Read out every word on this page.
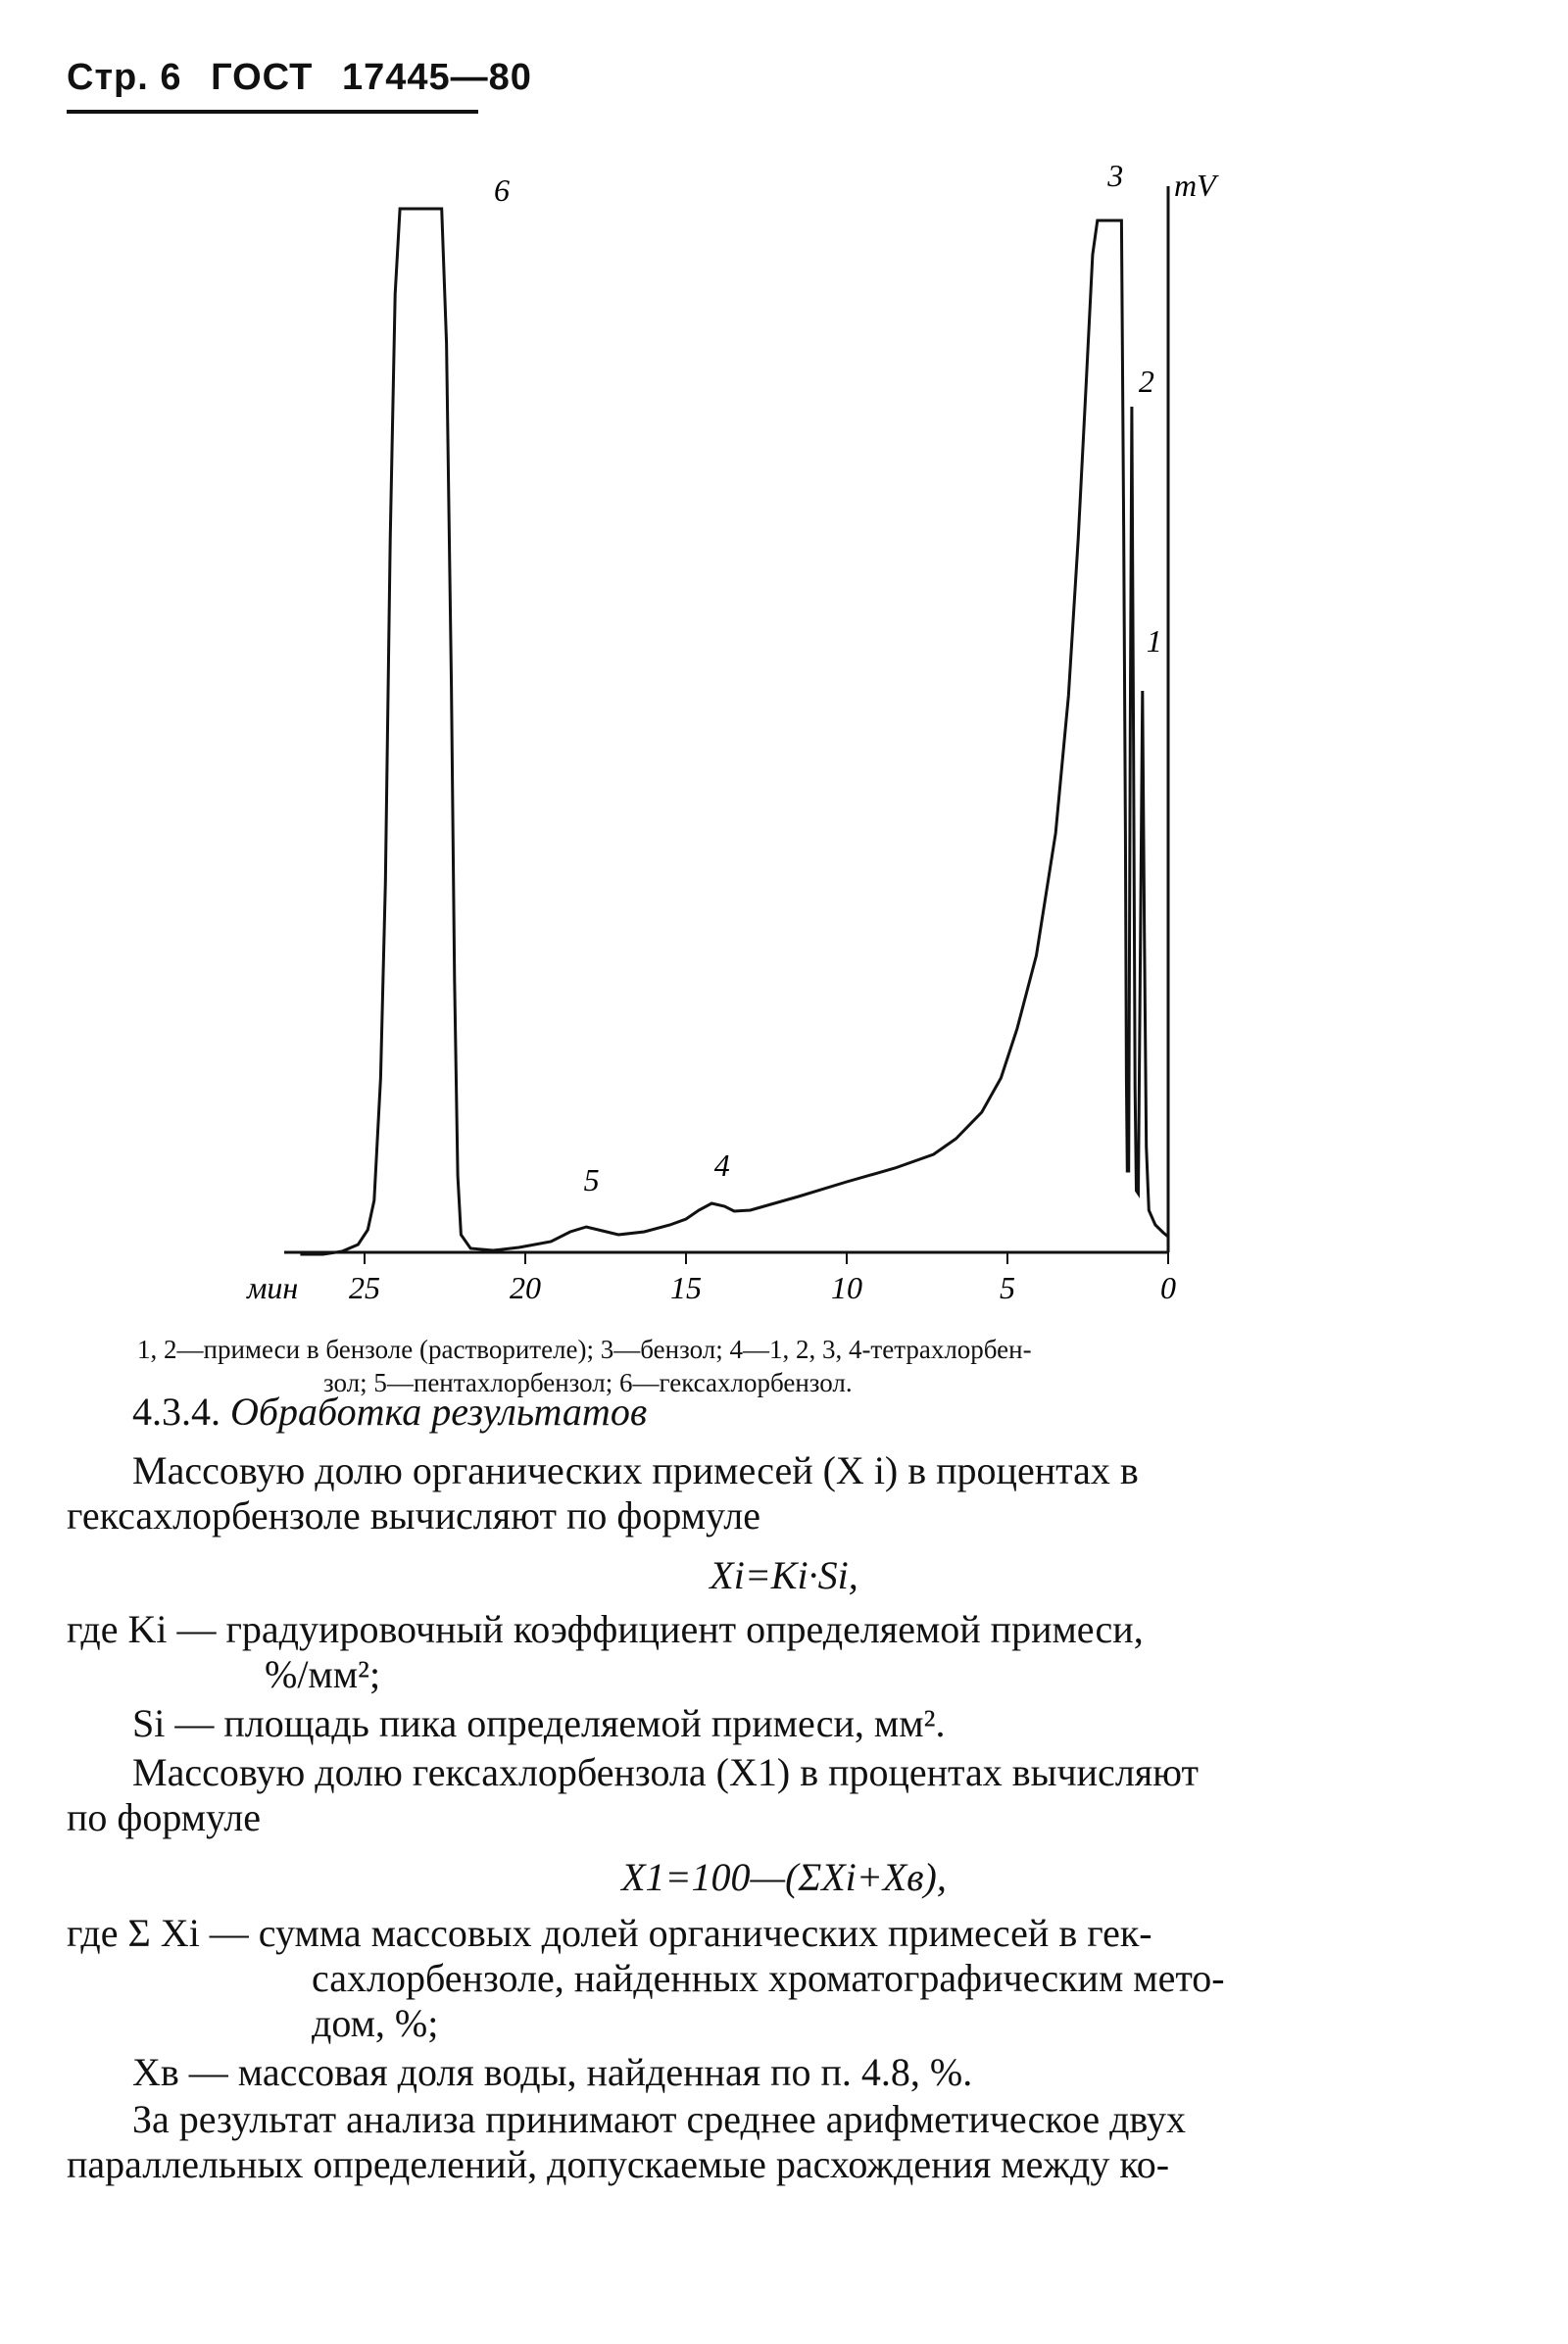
Стр. 6 ГОСТ 17445—80
25	20	15	10	5	0
1
2
3
4
5
6
мин
mV
1, 2—примеси в бензоле (растворителе); 3—бензол; 4—1, 2, 3, 4-тетрахлорбен-
зол; 5—пентахлорбензол; 6—гексахлорбензол.
4.3.4. Обработка результатов
Массовую долю органических примесей (X i) в процентах в
гексахлорбензоле вычисляют по формуле
Xi=Ki·Si,
где Ki — градуировочный коэффициент определяемой примеси,
%/мм²;
Si — площадь пика определяемой примеси, мм².
Массовую долю гексахлорбензола (X1) в процентах вычисляют
по формуле
X1=100—(ΣXi+Xв),
где Σ Xi — сумма массовых долей органических примесей в гек-
сахлорбензоле, найденных хроматографическим мето-
дом, %;
Xв — массовая доля воды, найденная по п. 4.8, %.
За результат анализа принимают среднее арифметическое двух
параллельных определений, допускаемые расхождения между ко-
